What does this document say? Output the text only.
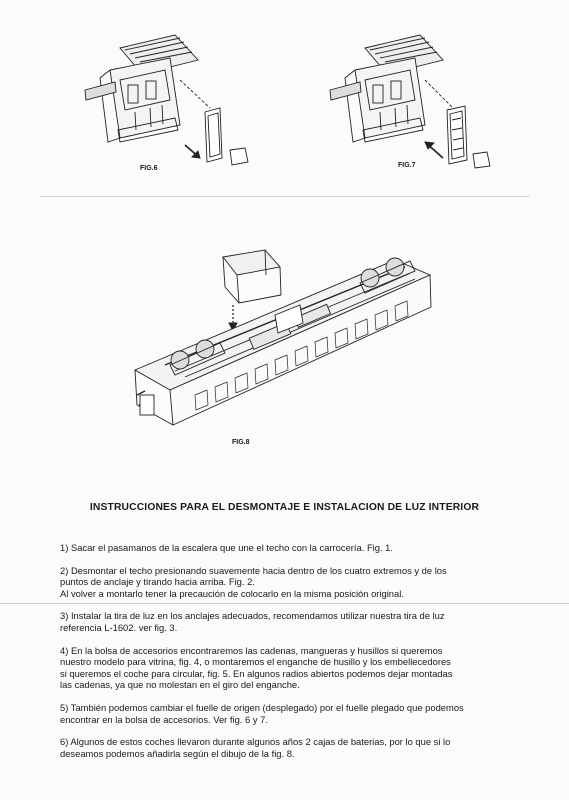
FIG.6	FIG.7
FIG.8
INSTRUCCIONES PARA EL DESMONTAJE E INSTALACION DE LUZ INTERIOR

1) Sacar el pasamanos de la escalera que une el techo con la carrocería. Fig. 1.

2) Desmontar el techo presionando suavemente hacia dentro de los cuatro extremos y de los
puntos de anclaje y tirando hacia arriba. Fig. 2.
Al volver a montarlo tener la precaución de colocarlo en la misma posición original.

3) Instalar la tira de luz en los anclajes adecuados, recomendamos utilizar nuestra tira de luz
referencia L-1602. ver fig. 3.

4) En la bolsa de accesorios encontraremos las cadenas, mangueras y husillos si queremos
nuestro modelo para vitrina, fig. 4, o montaremos el enganche de husillo y los embellecedores
si queremos el coche para circular, fig. 5. En algunos radios abiertos podemos dejar montadas
las cadenas, ya que no molestan en el giro del enganche.

5) También podemos cambiar el fuelle de origen (desplegado) por el fuelle plegado que podemos
encontrar en la bolsa de accesorios. Ver fig. 6 y 7.

6) Algunos de estos coches llevaron durante algunos años 2 cajas de baterias, por lo que si lo
deseamos podemos añadirla según el dibujo de la fig. 8.
